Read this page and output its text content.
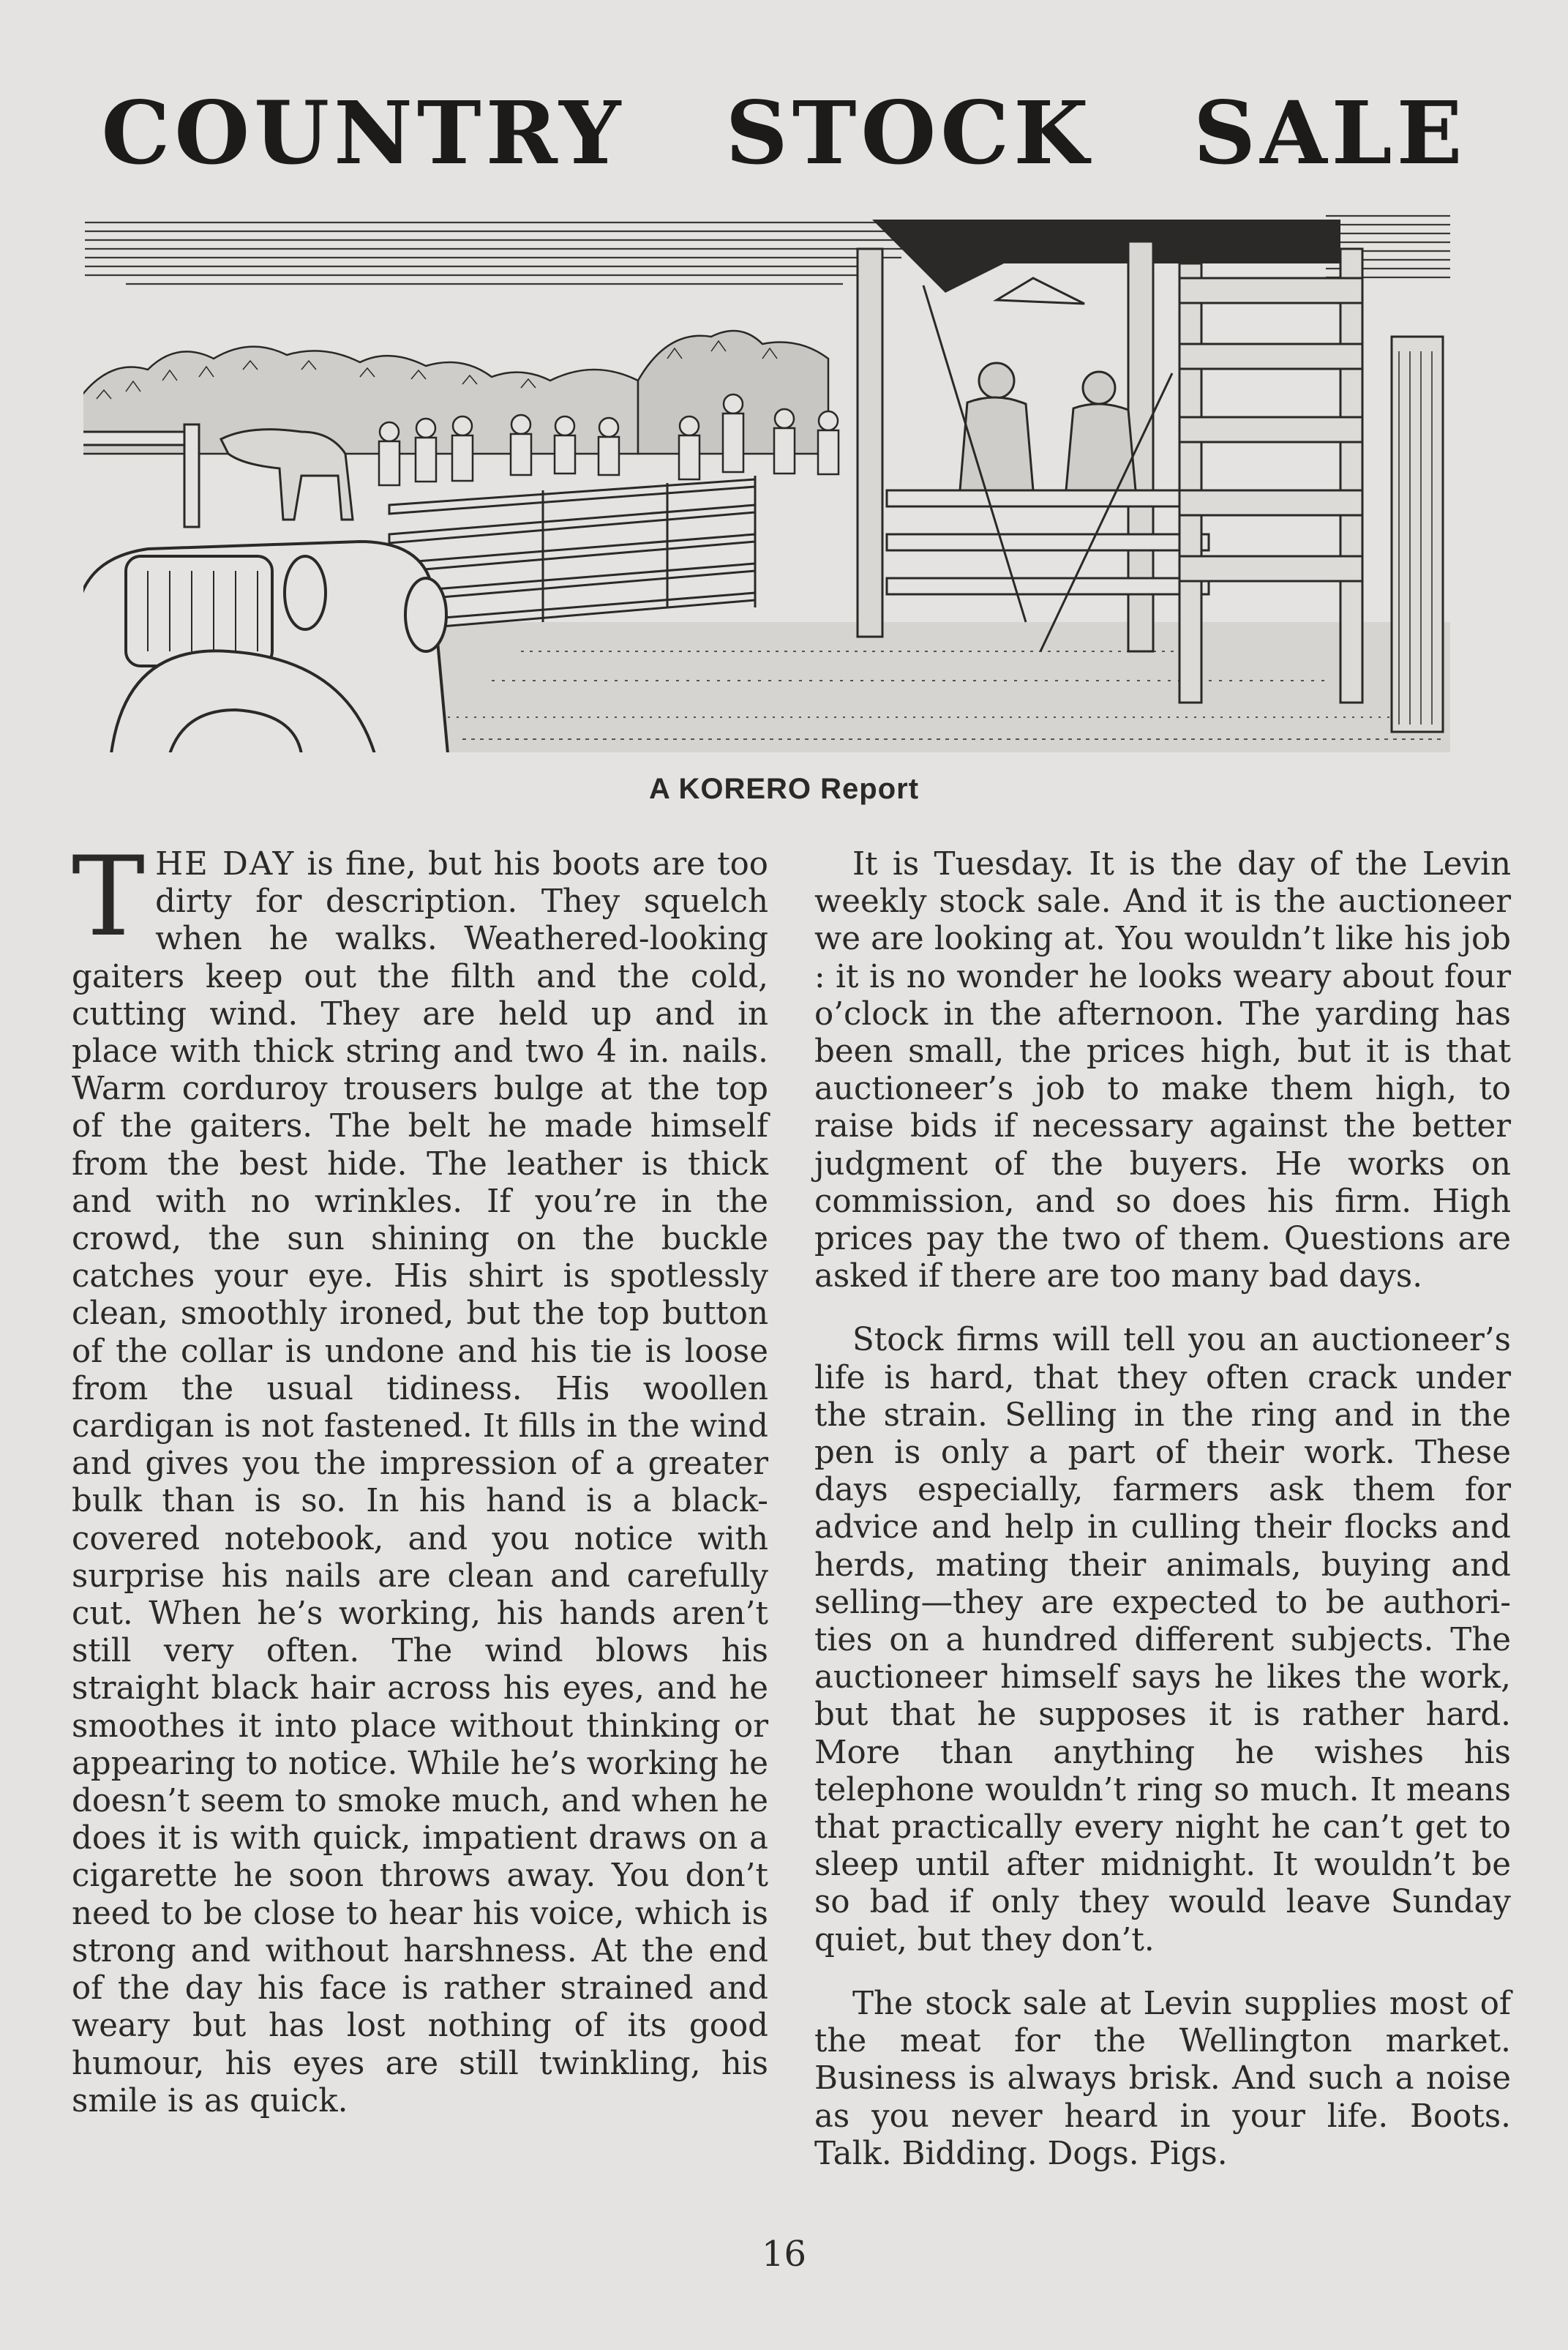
COUNTRY STOCK SALE
A KORERO Report

THE DAY is fine, but his boots are too dirty for description. They squelch when he walks. Weathered-looking gaiters keep out the filth and the cold, cutting wind. They are held up and in place with thick string and two 4 in. nails. Warm corduroy trousers bulge at the top of the gaiters. The belt he made himself from the best hide. The leather is thick and with no wrinkles. If you’re in the crowd, the sun shining on the buckle catches your eye. His shirt is spotlessly clean, smoothly ironed, but the top button of the collar is undone and his tie is loose from the usual tidiness. His woollen cardigan is not fastened. It fills in the wind and gives you the impression of a greater bulk than is so. In his hand is a black-covered notebook, and you notice with surprise his nails are clean and carefully cut. When he’s working, his hands aren’t still very often. The wind blows his straight black hair across his eyes, and he smoothes it into place without thinking or appearing to notice. While he’s working he doesn’t seem to smoke much, and when he does it is with quick, impatient draws on a cigarette he soon throws away. You don’t need to be close to hear his voice, which is strong and without harshness. At the end of the day his face is rather strained and weary but has lost nothing of its good humour, his eyes are still twinkling, his smile is as quick.

It is Tuesday. It is the day of the Levin weekly stock sale. And it is the auctioneer we are looking at. You wouldn’t like his job : it is no wonder he looks weary about four o’clock in the afternoon. The yarding has been small, the prices high, but it is that auctioneer’s job to make them high, to raise bids if necessary against the better judgment of the buyers. He works on commission, and so does his firm. High prices pay the two of them. Questions are asked if there are too many bad days.

Stock firms will tell you an auctioneer’s life is hard, that they often crack under the strain. Selling in the ring and in the pen is only a part of their work. These days especially, farmers ask them for advice and help in culling their flocks and herds, mating their animals, buying and selling—they are expected to be authorities on a hundred different subjects. The auctioneer himself says he likes the work, but that he supposes it is rather hard. More than anything he wishes his telephone wouldn’t ring so much. It means that practically every night he can’t get to sleep until after midnight. It wouldn’t be so bad if only they would leave Sunday quiet, but they don’t.

The stock sale at Levin supplies most of the meat for the Wellington market. Business is always brisk. And such a noise as you never heard in your life. Boots. Talk. Bidding. Dogs. Pigs.

16
